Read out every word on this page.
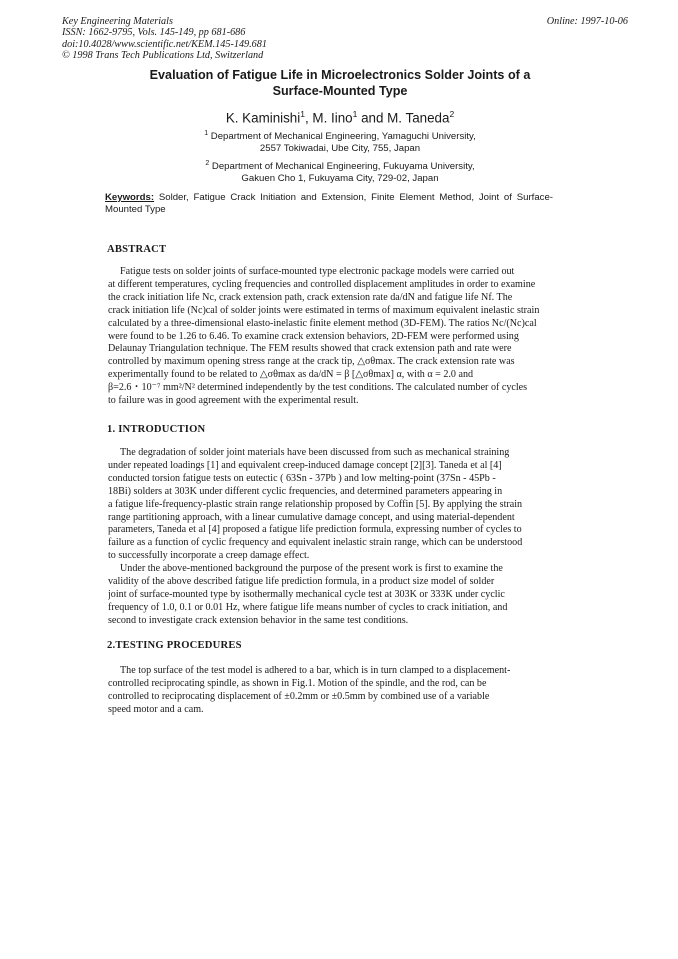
Key Engineering Materials
ISSN: 1662-9795, Vols. 145-149, pp 681-686
doi:10.4028/www.scientific.net/KEM.145-149.681
© 1998 Trans Tech Publications Ltd, Switzerland
Online: 1997-10-06
Evaluation of Fatigue Life in Microelectronics Solder Joints of a
Surface-Mounted Type
K. Kaminishi$^1$, M. Iino$^1$ and M. Taneda$^2$
$^1$ Department of Mechanical Engineering, Yamaguchi University,
2557 Tokiwadai, Ube City, 755, Japan
$^2$ Department of Mechanical Engineering, Fukuyama University,
Gakuen Cho 1, Fukuyama City, 729-02, Japan
Keywords: Solder, Fatigue Crack Initiation and Extension, Finite Element Method, Joint of Surface-Mounted Type
ABSTRACT
Fatigue tests on solder joints of surface-mounted type electronic package models were carried out
at different temperatures, cycling frequencies and controlled displacement amplitudes in order to examine
the crack initiation life Nc, crack extension path, crack extension rate da/dN and fatigue life Nf. The
crack initiation life (Nc)cal of solder joints were estimated in terms of maximum equivalent inelastic strain
calculated by a three-dimensional elasto-inelastic finite element method (3D-FEM). The ratios Nc/(Nc)cal
were found to be 1.26 to 6.46. To examine crack extension behaviors, 2D-FEM were performed using
Delaunay Triangulation technique. The FEM results showed that crack extension path and rate were
controlled by maximum opening stress range at the crack tip, △σθmax. The crack extension rate was
experimentally found to be related to △σθmax as da/dN = β [△σθmax] α, with α = 2.0 and
β=2.6・10⁻⁷ mm²/N² determined independently by the test conditions. The calculated number of cycles
to failure was in good agreement with the experimental result.
1. INTRODUCTION
The degradation of solder joint materials have been discussed from such as mechanical straining
under repeated loadings [1] and equivalent creep-induced damage concept [2][3]. Taneda et al [4]
conducted torsion fatigue tests on eutectic ( 63Sn - 37Pb ) and low melting-point (37Sn - 45Pb -
18Bi) solders at 303K under different cyclic frequencies, and determined parameters appearing in
a fatigue life-frequency-plastic strain range relationship proposed by Coffin [5]. By applying the strain
range partitioning approach, with a linear cumulative damage concept, and using material-dependent
parameters, Taneda et al [4] proposed a fatigue life prediction formula, expressing number of cycles to
failure as a function of cyclic frequency and equivalent inelastic strain range, which can be understood
to successfully incorporate a creep damage effect.
Under the above-mentioned background the purpose of the present work is first to examine the
validity of the above described fatigue life prediction formula, in a product size model of solder
joint of surface-mounted type by isothermally mechanical cycle test at 303K or 333K under cyclic
frequency of 1.0, 0.1 or 0.01 Hz, where fatigue life means number of cycles to crack initiation, and
second to investigate crack extension behavior in the same test conditions.
2.TESTING PROCEDURES
The top surface of the test model is adhered to a bar, which is in turn clamped to a displacement-
controlled reciprocating spindle, as shown in Fig.1. Motion of the spindle, and the rod, can be
controlled to reciprocating displacement of ±0.2mm or ±0.5mm by combined use of a variable
speed motor and a cam.
